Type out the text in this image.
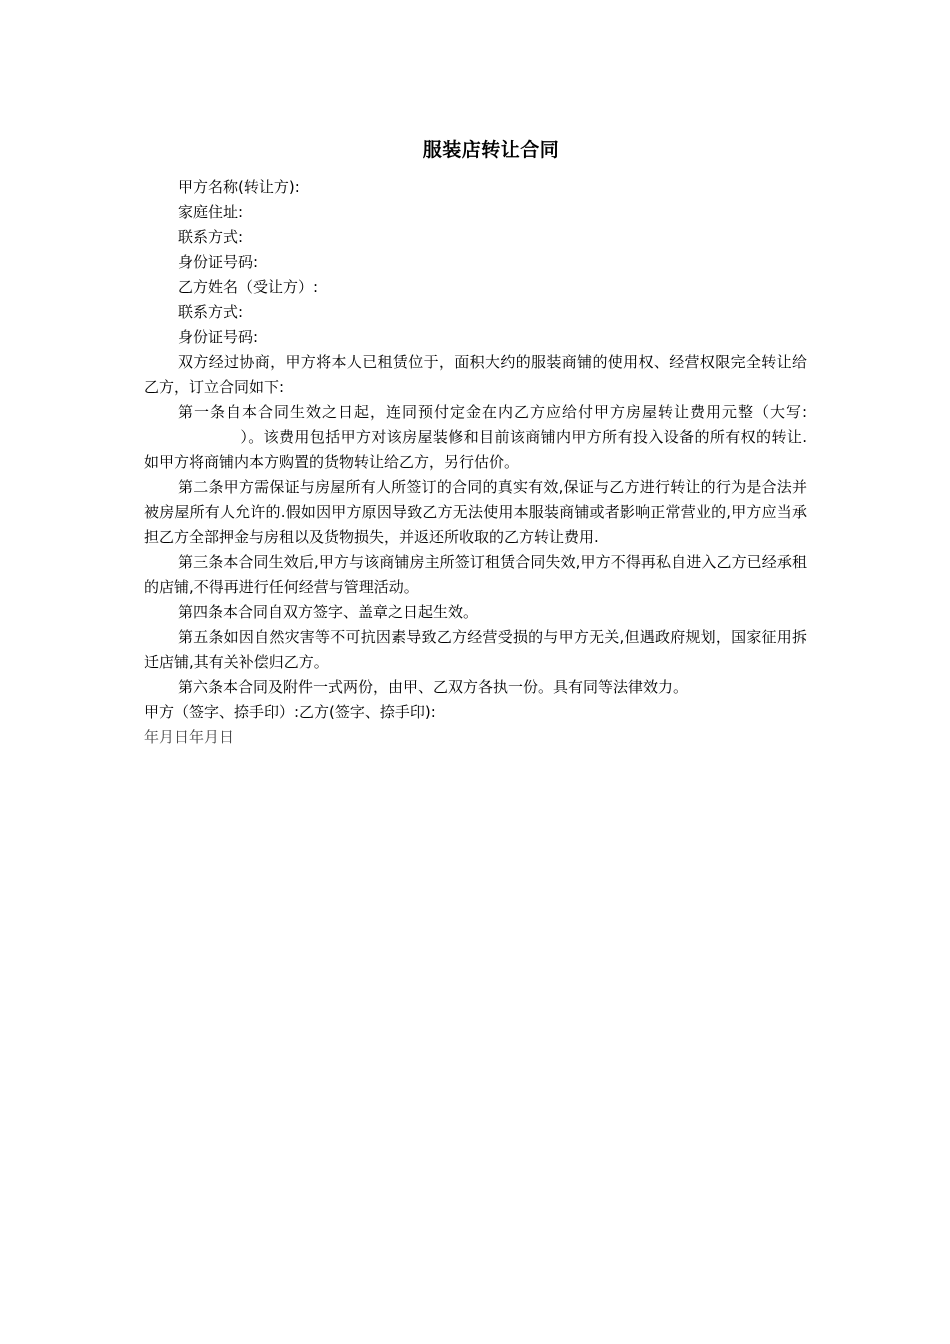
服装店转让合同

甲方名称(转让方):

家庭住址:

联系方式:

身份证号码:

乙方姓名（受让方）:

联系方式:

身份证号码:

双方经过协商，甲方将本人已租赁位于，面积大约的服装商铺的使用权、经营权限完全转让给乙方，订立合同如下:

第一条自本合同生效之日起，连同预付定金在内乙方应给付甲方房屋转让费用元整（大写:）。该费用包括甲方对该房屋装修和目前该商铺内甲方所有投入设备的所有权的转让.如甲方将商铺内本方购置的货物转让给乙方，另行估价。

第二条甲方需保证与房屋所有人所签订的合同的真实有效,保证与乙方进行转让的行为是合法并被房屋所有人允许的.假如因甲方原因导致乙方无法使用本服装商铺或者影响正常营业的,甲方应当承担乙方全部押金与房租以及货物损失，并返还所收取的乙方转让费用.

第三条本合同生效后,甲方与该商铺房主所签订租赁合同失效,甲方不得再私自进入乙方已经承租的店铺,不得再进行任何经营与管理活动。

第四条本合同自双方签字、盖章之日起生效。

第五条如因自然灾害等不可抗因素导致乙方经营受损的与甲方无关,但遇政府规划，国家征用拆迁店铺,其有关补偿归乙方。

第六条本合同及附件一式两份，由甲、乙双方各执一份。具有同等法律效力。

甲方（签字、捺手印）:乙方(签字、捺手印):

年月日年月日
